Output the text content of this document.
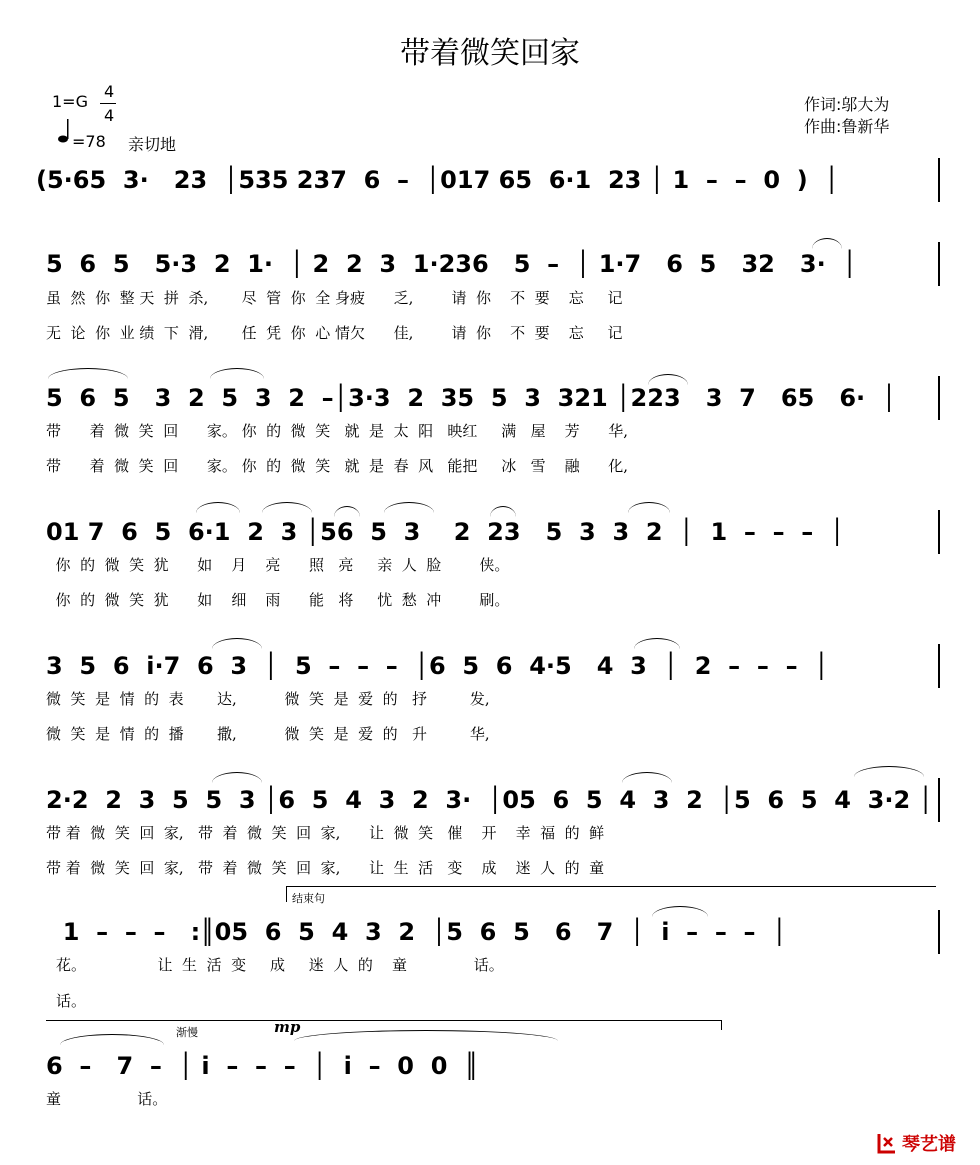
带着微笑回家
1=G
4
4
=78 亲切地
作词:邬大为
作曲:鲁新华
(5·65  3·   23  │535 237  6  –  │017 65  6·1  23 │ 1  –  –  0  )  │
5  6  5   5·3  2  1·  │ 2  2  3  1·236   5  –  │ 1·7   6  5   32   3·  │
虽  然  你  整 天  拼  杀,       尽  管  你  全 身疲      乏,        请  你    不  要    忘     记
无  论  你  业 绩  下  滑,       任  凭  你  心 情欠      佳,        请  你    不  要    忘     记
5  6  5   3  2  5  3  2  –│3·3  2  35  5  3  321 │223   3  7   65   6·  │
带      着  微  笑  回      家。 你  的  微  笑   就  是  太  阳   映红     满   屋    芳      华,
带      着  微  笑  回      家。 你  的  微  笑   就  是  春  风   能把     冰   雪    融      化,
01 7  6  5  6·1  2  3 │56  5  3    2  23   5  3  3  2  │  1  –  –  –  │
你  的  微  笑  犹      如    月    亮      照   亮     亲  人  脸        侠。
你  的  微  笑  犹      如    细    雨      能   将     忧  愁  冲        刷。
3  5  6  i·7  6  3  │  5  –  –  –  │6  5  6  4·5   4  3  │  2  –  –  –  │
微  笑  是  情  的  表       达,          微  笑  是  爱  的   抒         发,
微  笑  是  情  的  播       撒,          微  笑  是  爱  的   升         华,
2·2  2  3  5  5  3 │6  5  4  3  2  3·  │05  6  5  4  3  2  │5  6  5  4  3·2 │
带 着  微  笑  回  家,   带  着  微  笑  回  家,      让  微  笑   催    开    幸  福  的  鲜
带 着  微  笑  回  家,   带  着  微  笑  回  家,      让  生  活   变    成    迷  人  的  童
结束句
1  –  –  –   :║05  6  5  4  3  2  │5  6  5   6   7  │  i  –  –  –  │
花。               让  生  活  变     成     迷  人  的    童              话。
话。
渐慢	mp
6  –   7  –  │ i  –  –  –  │  i  –  0  0  ║
童                话。
琴艺谱
